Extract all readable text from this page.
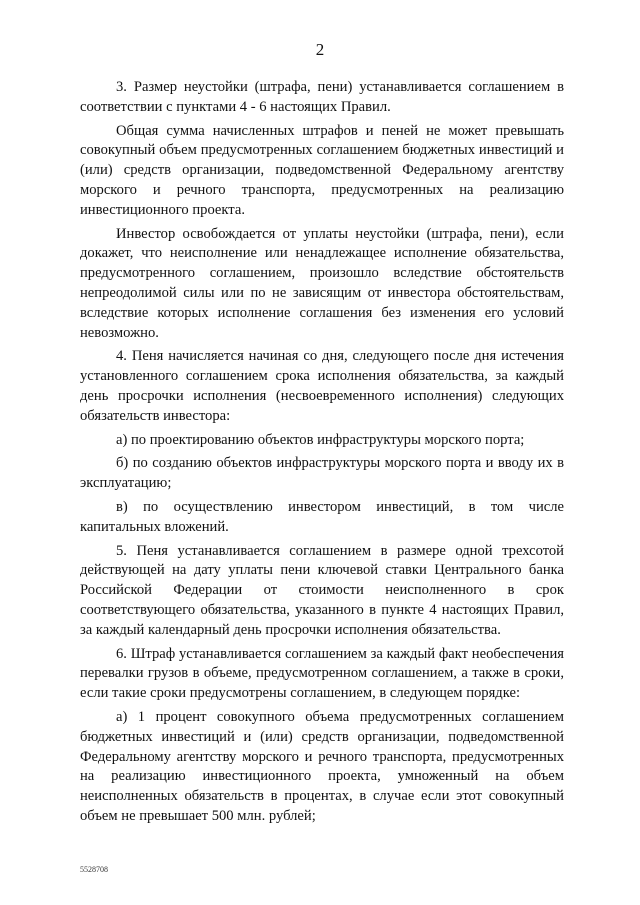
2

3. Размер неустойки (штрафа, пени) устанавливается соглашением в соответствии с пунктами 4 - 6 настоящих Правил.

Общая сумма начисленных штрафов и пеней не может превышать совокупный объем предусмотренных соглашением бюджетных инвестиций и (или) средств организации, подведомственной Федеральному агентству морского и речного транспорта, предусмотренных на реализацию инвестиционного проекта.

Инвестор освобождается от уплаты неустойки (штрафа, пени), если докажет, что неисполнение или ненадлежащее исполнение обязательства, предусмотренного соглашением, произошло вследствие обстоятельств непреодолимой силы или по не зависящим от инвестора обстоятельствам, вследствие которых исполнение соглашения без изменения его условий невозможно.

4. Пеня начисляется начиная со дня, следующего после дня истечения установленного соглашением срока исполнения обязательства, за каждый день просрочки исполнения (несвоевременного исполнения) следующих обязательств инвестора:

а) по проектированию объектов инфраструктуры морского порта;

б) по созданию объектов инфраструктуры морского порта и вводу их в эксплуатацию;

в) по осуществлению инвестором инвестиций, в том числе капитальных вложений.

5. Пеня устанавливается соглашением в размере одной трехсотой действующей на дату уплаты пени ключевой ставки Центрального банка Российской Федерации от стоимости неисполненного в срок соответствующего обязательства, указанного в пункте 4 настоящих Правил, за каждый календарный день просрочки исполнения обязательства.

6. Штраф устанавливается соглашением за каждый факт необеспечения перевалки грузов в объеме, предусмотренном соглашением, а также в сроки, если такие сроки предусмотрены соглашением, в следующем порядке:

а) 1 процент совокупного объема предусмотренных соглашением бюджетных инвестиций и (или) средств организации, подведомственной Федеральному агентству морского и речного транспорта, предусмотренных на реализацию инвестиционного проекта, умноженный на объем неисполненных обязательств в процентах, в случае если этот совокупный объем не превышает 500 млн. рублей;

5528708
